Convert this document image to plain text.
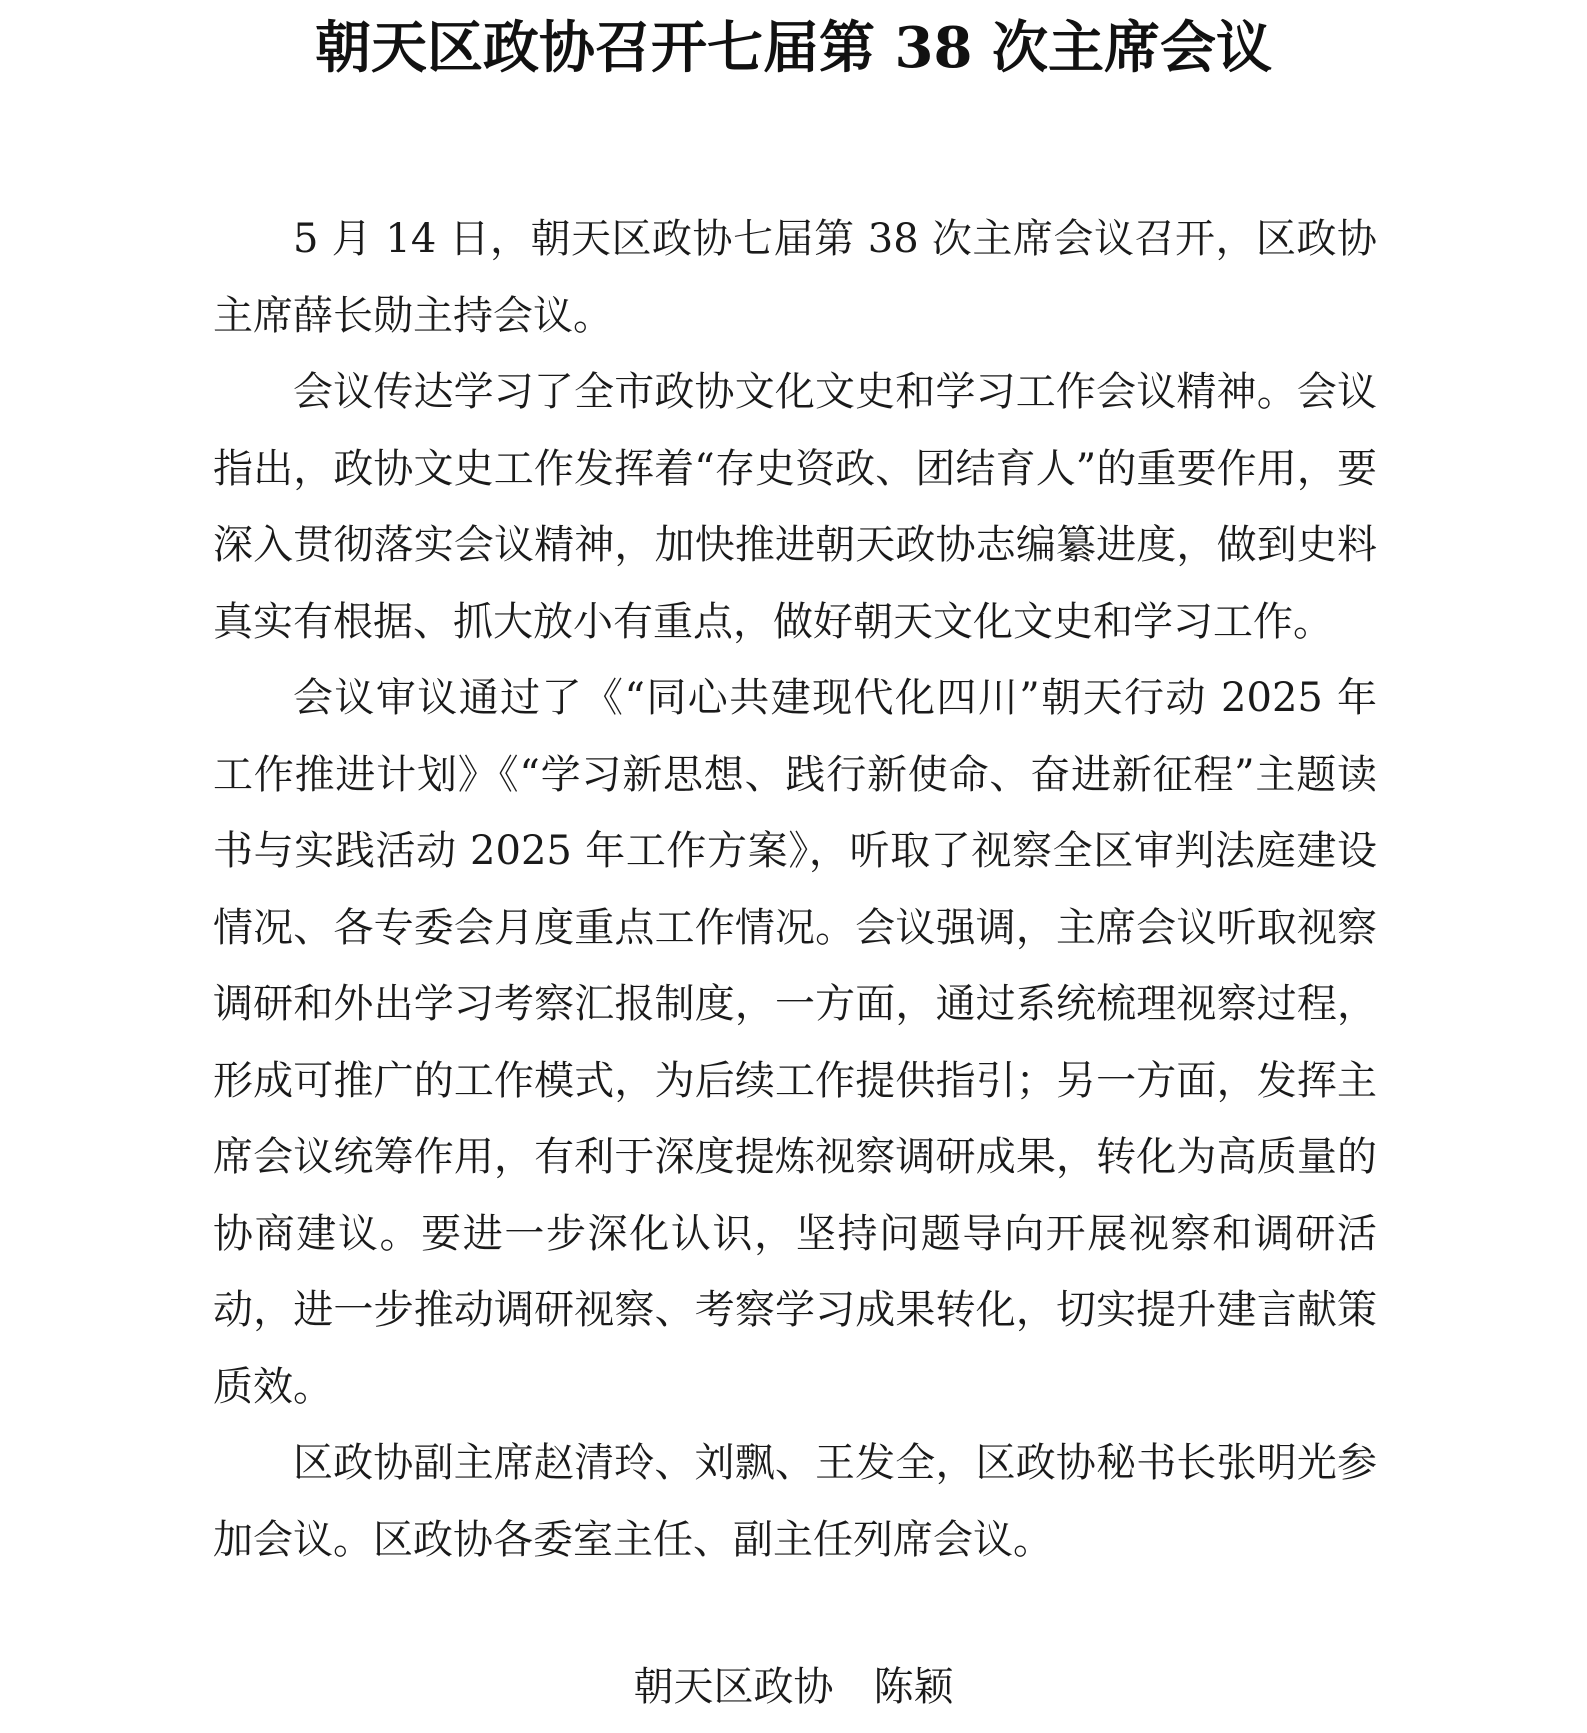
朝天区政协召开七届第 38 次主席会议

5 月 14 日，朝天区政协七届第 38 次主席会议召开，区政协主席薛长勋主持会议。

会议传达学习了全市政协文化文史和学习工作会议精神。会议指出，政协文史工作发挥着“存史资政、团结育人”的重要作用，要深入贯彻落实会议精神，加快推进朝天政协志编纂进度，做到史料真实有根据、抓大放小有重点，做好朝天文化文史和学习工作。

会议审议通过了《“同心共建现代化四川”朝天行动 2025 年工作推进计划》《“学习新思想、践行新使命、奋进新征程”主题读书与实践活动 2025 年工作方案》，听取了视察全区审判法庭建设情况、各专委会月度重点工作情况。会议强调，主席会议听取视察调研和外出学习考察汇报制度，一方面，通过系统梳理视察过程，形成可推广的工作模式，为后续工作提供指引；另一方面，发挥主席会议统筹作用，有利于深度提炼视察调研成果，转化为高质量的协商建议。要进一步深化认识，坚持问题导向开展视察和调研活动，进一步推动调研视察、考察学习成果转化，切实提升建言献策质效。

区政协副主席赵清玲、刘飘、王发全，区政协秘书长张明光参加会议。区政协各委室主任、副主任列席会议。

朝天区政协　陈颖
